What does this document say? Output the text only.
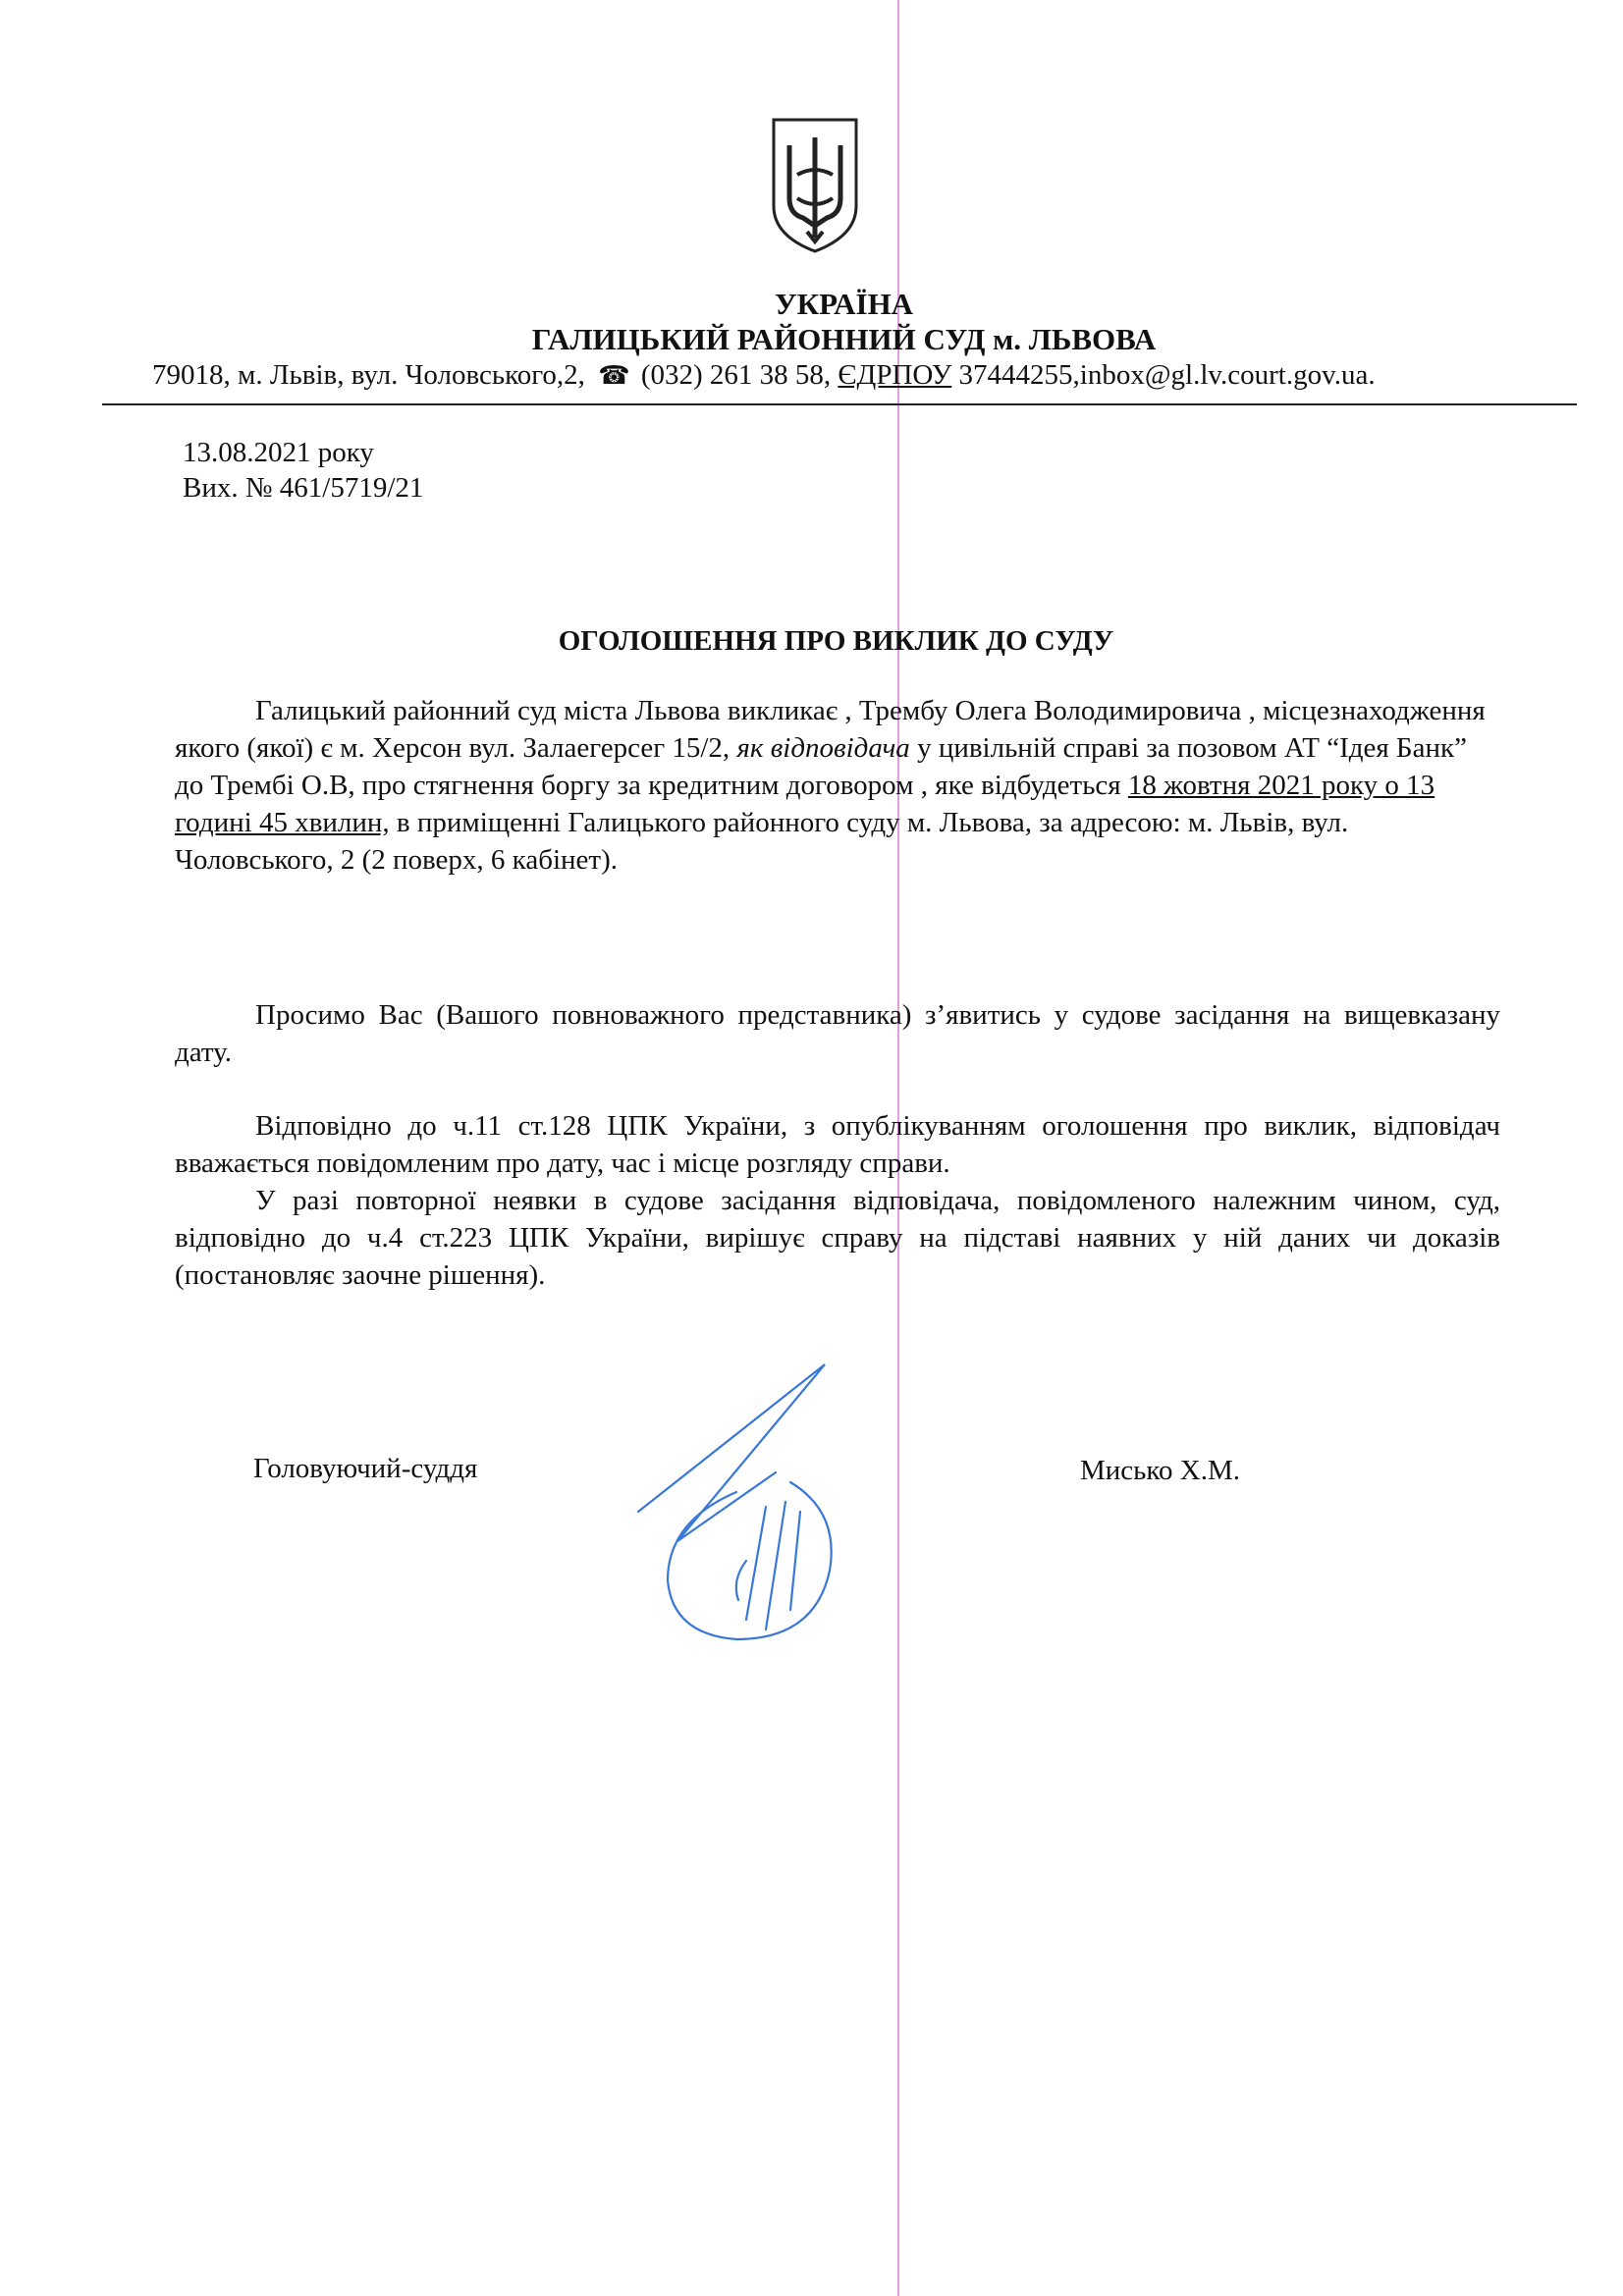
УКРАЇНА
ГАЛИЦЬКИЙ РАЙОННИЙ СУД м. ЛЬВОВА
79018, м. Львів, вул. Чоловського,2, ☎ (032) 261 38 58, ЄДРПОУ 37444255,inbox@gl.lv.court.gov.ua.
13.08.2021 року
Вих. № 461/5719/21
ОГОЛОШЕННЯ ПРО ВИКЛИК ДО СУДУ
Галицький районний суд міста Львова викликає , Трембу Олега Володимировича , місцезнаходження якого (якої) є м. Херсон вул. Залаегерсег 15/2, як відповідача у цивільній справі за позовом АТ “Ідея Банк” до Трембі О.В, про стягнення боргу за кредитним договором , яке відбудеться 18 жовтня 2021 року о 13 годині 45 хвилин, в приміщенні Галицького районного суду м. Львова, за адресою: м. Львів, вул. Чоловського, 2 (2 поверх, 6 кабінет).
Просимо Вас (Вашого повноважного представника) з’явитись у судове засідання на вищевказану дату.
Відповідно до ч.11 ст.128 ЦПК України, з опублікуванням оголошення про виклик, відповідач вважається повідомленим про дату, час і місце розгляду справи.
У разі повторної неявки в судове засідання відповідача, повідомленого належним чином, суд, відповідно до ч.4 ст.223 ЦПК України, вирішує справу на підставі наявних у ній даних чи доказів (постановляє заочне рішення).
Головуючий-суддя	Мисько Х.М.
